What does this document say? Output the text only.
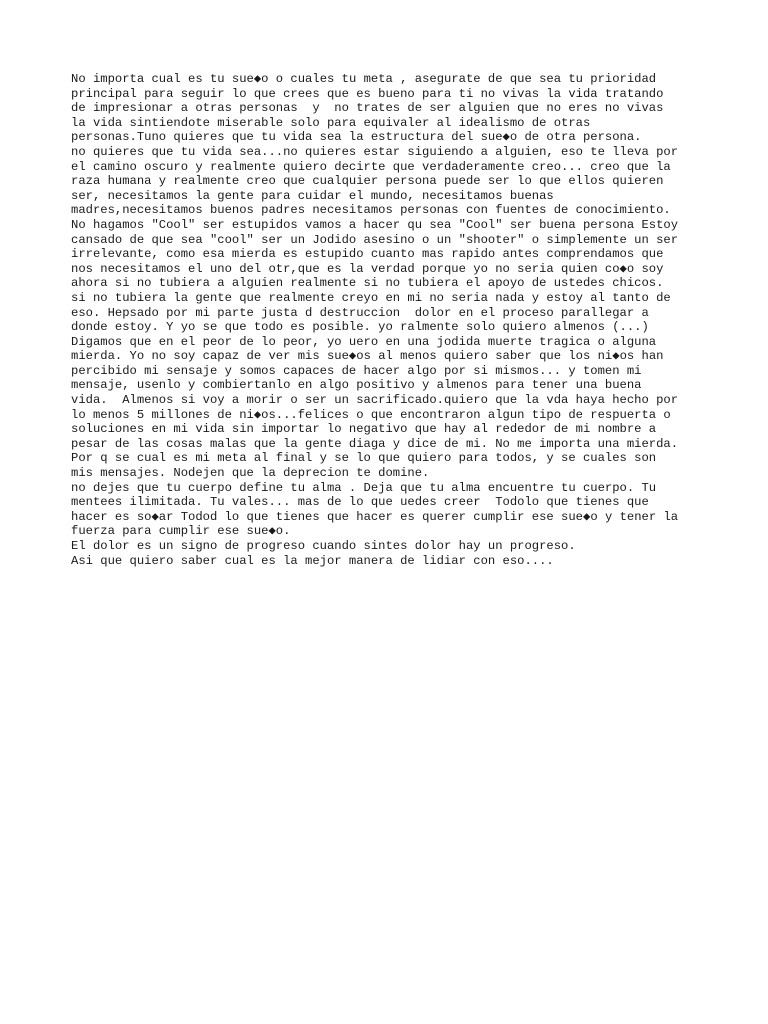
No importa cual es tu sue◆o o cuales tu meta , asegurate de que sea tu prioridad
principal para seguir lo que crees que es bueno para ti no vivas la vida tratando
de impresionar a otras personas  y  no trates de ser alguien que no eres no vivas
la vida sintiendote miserable solo para equivaler al idealismo de otras
personas.Tuno quieres que tu vida sea la estructura del sue◆o de otra persona.
no quieres que tu vida sea...no quieres estar siguiendo a alguien, eso te lleva por
el camino oscuro y realmente quiero decirte que verdaderamente creo... creo que la
raza humana y realmente creo que cualquier persona puede ser lo que ellos quieren
ser, necesitamos la gente para cuidar el mundo, necesitamos buenas
madres,necesitamos buenos padres necesitamos personas con fuentes de conocimiento.
No hagamos "Cool" ser estupidos vamos a hacer qu sea "Cool" ser buena persona Estoy
cansado de que sea "cool" ser un Jodido asesino o un "shooter" o simplemente un ser
irrelevante, como esa mierda es estupido cuanto mas rapido antes comprendamos que
nos necesitamos el uno del otr,que es la verdad porque yo no seria quien co◆o soy
ahora si no tubiera a alguien realmente si no tubiera el apoyo de ustedes chicos.
si no tubiera la gente que realmente creyo en mi no seria nada y estoy al tanto de
eso. Hepsado por mi parte justa d destruccion  dolor en el proceso parallegar a
donde estoy. Y yo se que todo es posible. yo ralmente solo quiero almenos (...)
Digamos que en el peor de lo peor, yo uero en una jodida muerte tragica o alguna
mierda. Yo no soy capaz de ver mis sue◆os al menos quiero saber que los ni◆os han
percibido mi sensaje y somos capaces de hacer algo por si mismos... y tomen mi
mensaje, usenlo y combiertanlo en algo positivo y almenos para tener una buena
vida.  Almenos si voy a morir o ser un sacrificado.quiero que la vda haya hecho por
lo menos 5 millones de ni◆os...felices o que encontraron algun tipo de respuerta o
soluciones en mi vida sin importar lo negativo que hay al rededor de mi nombre a
pesar de las cosas malas que la gente diaga y dice de mi. No me importa una mierda.
Por q se cual es mi meta al final y se lo que quiero para todos, y se cuales son
mis mensajes. Nodejen que la deprecion te domine.
no dejes que tu cuerpo define tu alma . Deja que tu alma encuentre tu cuerpo. Tu
mentees ilimitada. Tu vales... mas de lo que uedes creer  Todolo que tienes que
hacer es so◆ar Todod lo que tienes que hacer es querer cumplir ese sue◆o y tener la
fuerza para cumplir ese sue◆o.
El dolor es un signo de progreso cuando sintes dolor hay un progreso.
Asi que quiero saber cual es la mejor manera de lidiar con eso....
